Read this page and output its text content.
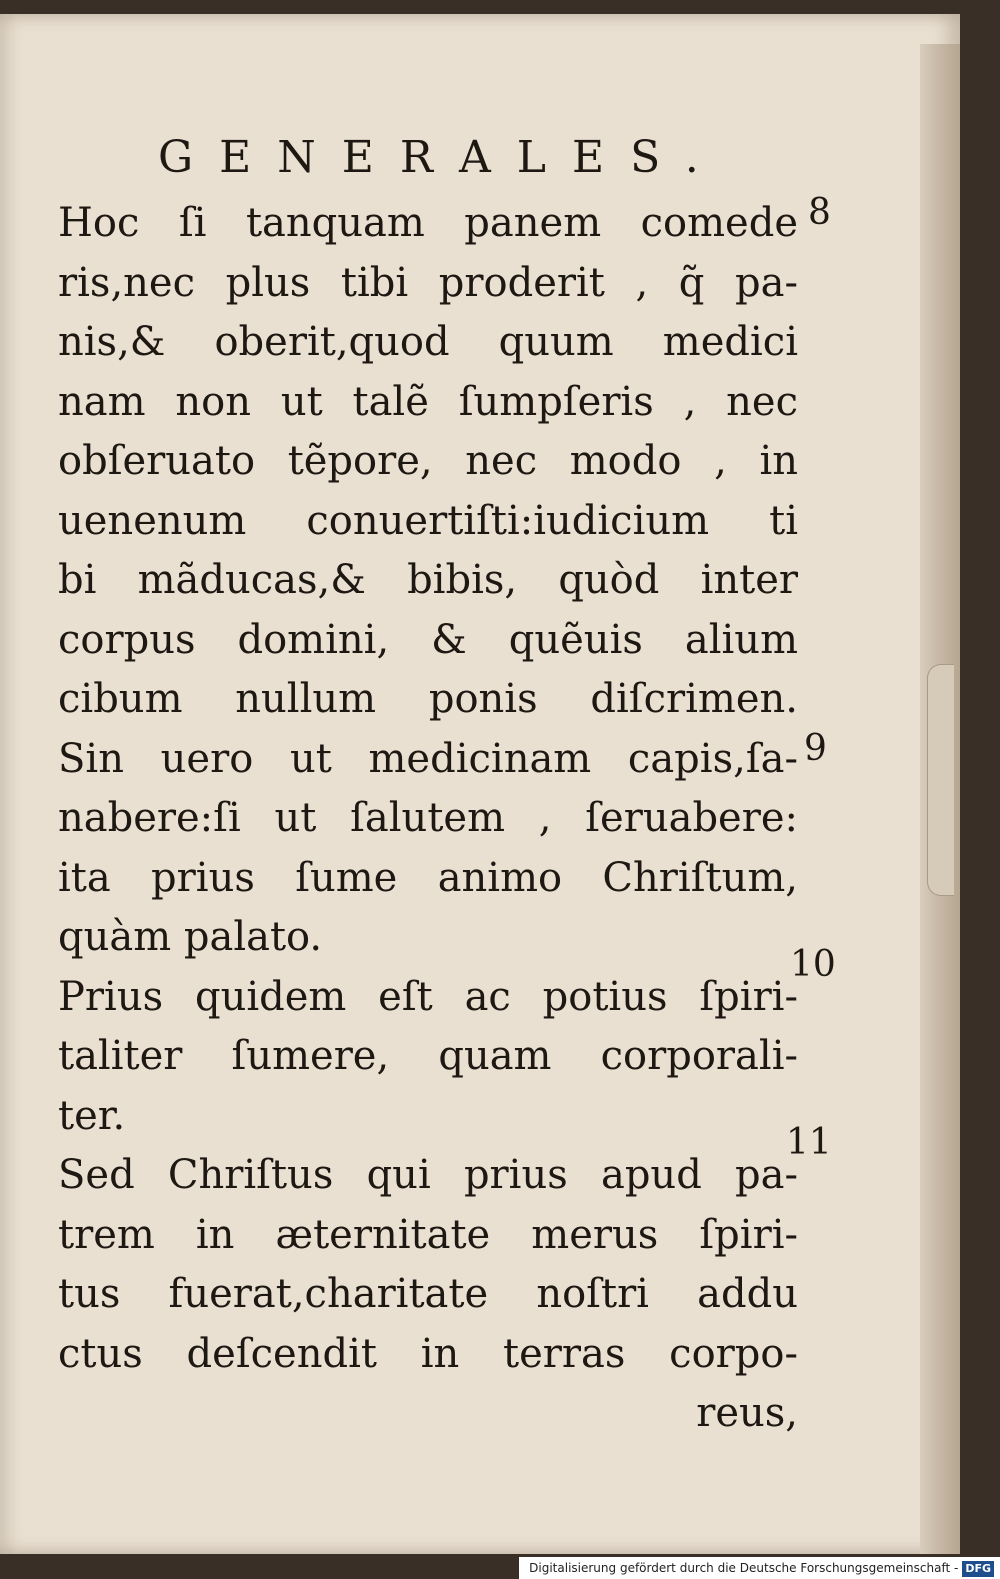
GENERALES.
Hoc ſi tanquam panem comede
ris,nec plus tibi proderit , q̃ pa-
nis,& oberit,quod quum medici
nam non ut talẽ ſumpſeris , nec
obſeruato tẽpore, nec modo , in
uenenum conuertiſti:iudicium ti
bi mãducas,& bibis, quòd inter
corpus domini, & quẽuis alium
cibum nullum ponis diſcrimen.
Sin uero ut medicinam capis,ſa-
nabere:ſi ut ſalutem , ſeruabere:
ita prius ſume animo Chriſtum,
quàm palato.
Prius quidem eſt ac potius ſpiri-
taliter ſumere, quam corporali-
ter.
Sed Chriſtus qui prius apud pa-
trem in æternitate merus ſpiri-
tus fuerat,charitate noſtri addu
ctus deſcendit in terras corpo-
reus,
8
9
10
11
Digitalisierung gefördert durch die Deutsche Forschungsgemeinschaft - DFG
